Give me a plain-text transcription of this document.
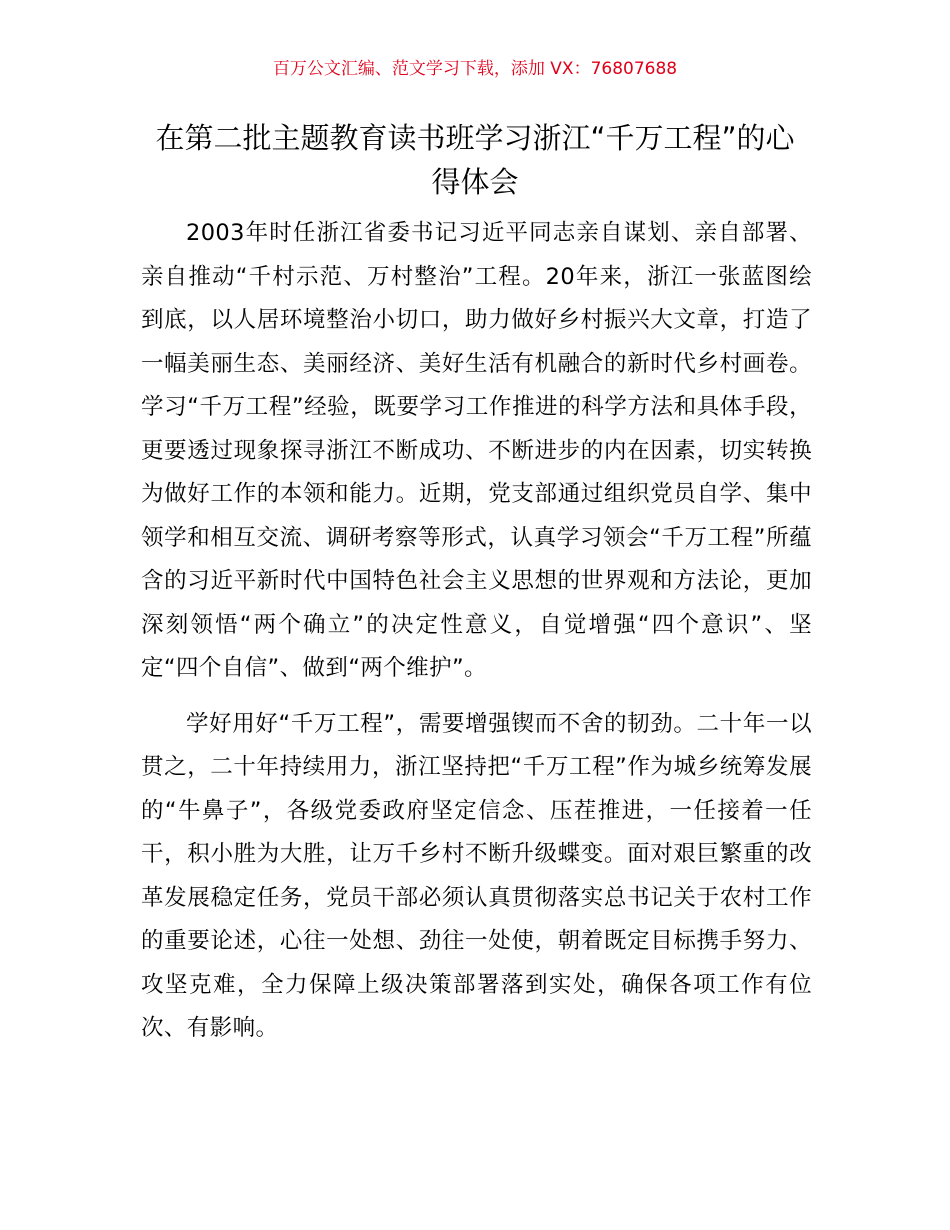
百万公文汇编、范文学习下载，添加 VX：76807688
在第二批主题教育读书班学习浙江“千万工程”的心得体会

2003年时任浙江省委书记习近平同志亲自谋划、亲自部署、亲自推动“千村示范、万村整治”工程。20年来，浙江一张蓝图绘到底，以人居环境整治小切口，助力做好乡村振兴大文章，打造了一幅美丽生态、美丽经济、美好生活有机融合的新时代乡村画卷。学习“千万工程”经验，既要学习工作推进的科学方法和具体手段，更要透过现象探寻浙江不断成功、不断进步的内在因素，切实转换为做好工作的本领和能力。近期，党支部通过组织党员自学、集中领学和相互交流、调研考察等形式，认真学习领会“千万工程”所蕴含的习近平新时代中国特色社会主义思想的世界观和方法论，更加深刻领悟“两个确立”的决定性意义，自觉增强“四个意识”、坚定“四个自信”、做到“两个维护”。

学好用好“千万工程”，需要增强锲而不舍的韧劲。二十年一以贯之，二十年持续用力，浙江坚持把“千万工程”作为城乡统筹发展的“牛鼻子”，各级党委政府坚定信念、压茬推进，一任接着一任干，积小胜为大胜，让万千乡村不断升级蝶变。面对艰巨繁重的改革发展稳定任务，党员干部必须认真贯彻落实总书记关于农村工作的重要论述，心往一处想、劲往一处使，朝着既定目标携手努力、攻坚克难，全力保障上级决策部署落到实处，确保各项工作有位次、有影响。
